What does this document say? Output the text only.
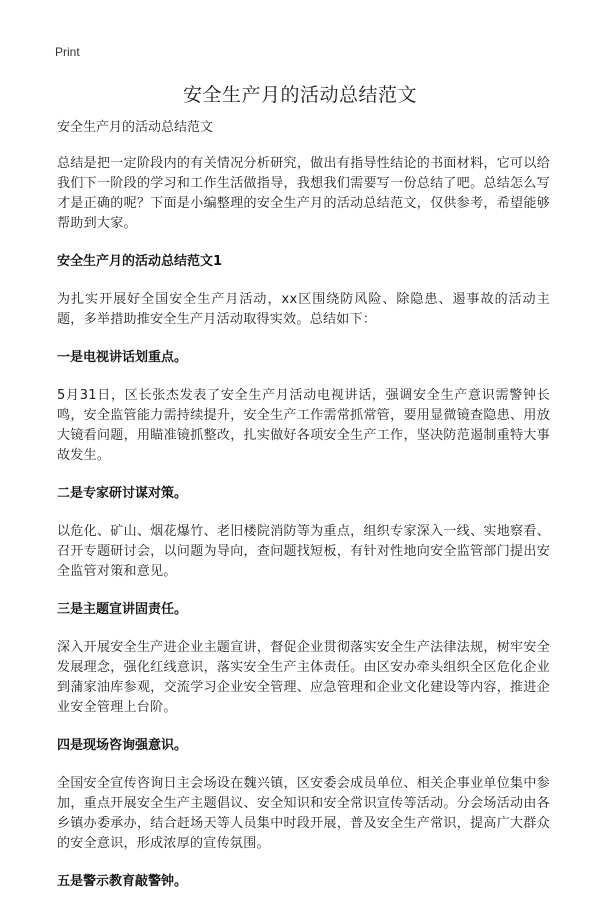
Print
安全生产月的活动总结范文

安全生产月的活动总结范文

总结是把一定阶段内的有关情况分析研究，做出有指导性结论的书面材料，它可以给我们下一阶段的学习和工作生活做指导，我想我们需要写一份总结了吧。总结怎么写才是正确的呢？下面是小编整理的安全生产月的活动总结范文，仅供参考，希望能够帮助到大家。

安全生产月的活动总结范文1

为扎实开展好全国安全生产月活动，xx区围绕防风险、除隐患、遏事故的活动主题，多举措助推安全生产月活动取得实效。总结如下：

一是电视讲话划重点。

5月31日，区长张杰发表了安全生产月活动电视讲话，强调安全生产意识需警钟长鸣，安全监管能力需持续提升，安全生产工作需常抓常管，要用显微镜查隐患、用放大镜看问题，用瞄准镜抓整改，扎实做好各项安全生产工作，坚决防范遏制重特大事故发生。

二是专家研讨谋对策。

以危化、矿山、烟花爆竹、老旧楼院消防等为重点，组织专家深入一线、实地察看、召开专题研讨会，以问题为导向，查问题找短板，有针对性地向安全监管部门提出安全监管对策和意见。

三是主题宣讲固责任。

深入开展安全生产进企业主题宣讲，督促企业贯彻落实安全生产法律法规，树牢安全发展理念，强化红线意识，落实安全生产主体责任。由区安办牵头组织全区危化企业到蒲家油库参观，交流学习企业安全管理、应急管理和企业文化建设等内容，推进企业安全管理上台阶。

四是现场咨询强意识。

全国安全宣传咨询日主会场设在魏兴镇，区安委会成员单位、相关企事业单位集中参加，重点开展安全生产主题倡议、安全知识和安全常识宣传等活动。分会场活动由各乡镇办委承办，结合赶场天等人员集中时段开展，普及安全生产常识，提高广大群众的安全意识，形成浓厚的宣传氛围。

五是警示教育敲警钟。
